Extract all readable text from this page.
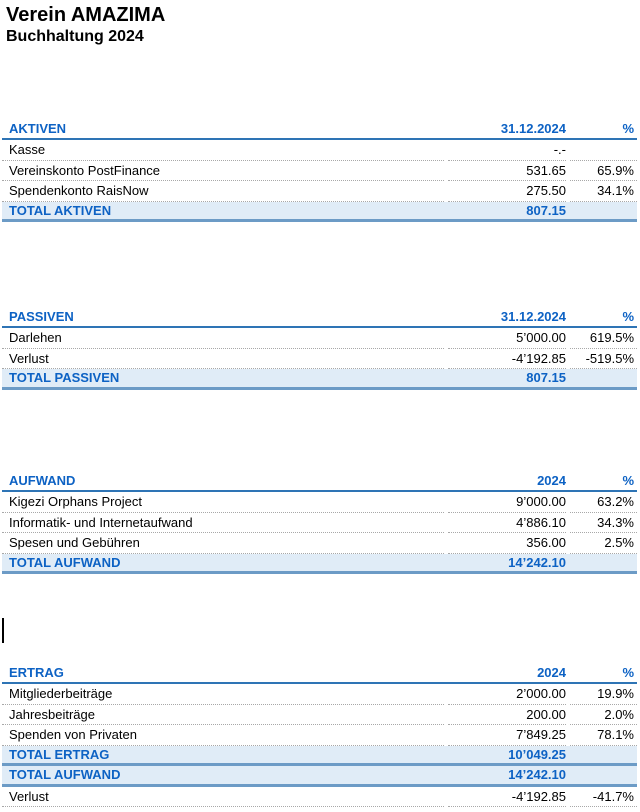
Verein AMAZIMA
Buchhaltung 2024
AKTIVEN	31.12.2024	%
Kasse	-.-
Vereinskonto PostFinance	531.65	65.9%
Spendenkonto RaisNow	275.50	34.1%
TOTAL AKTIVEN	807.15
PASSIVEN	31.12.2024	%
Darlehen	5’000.00	619.5%
Verlust	-4’192.85	-519.5%
TOTAL PASSIVEN	807.15
AUFWAND	2024	%
Kigezi Orphans Project	9’000.00	63.2%
Informatik- und Internetaufwand	4’886.10	34.3%
Spesen und Gebühren	356.00	2.5%
TOTAL AUFWAND	14’242.10
ERTRAG	2024	%
Mitgliederbeiträge	2’000.00	19.9%
Jahresbeiträge	200.00	2.0%
Spenden von Privaten	7’849.25	78.1%
TOTAL ERTRAG	10’049.25
TOTAL AUFWAND	14’242.10
Verlust	-4’192.85	-41.7%
